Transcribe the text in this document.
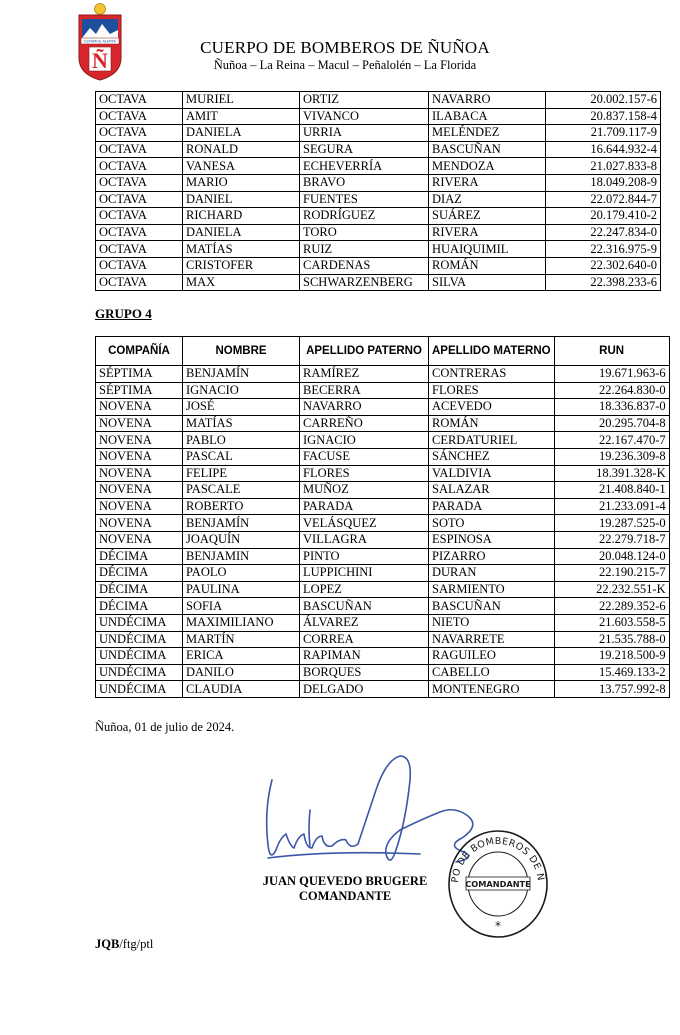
ESTAMOS ALERTA
Ñ
CUERPO DE BOMBEROS DE ÑUÑOA
Ñuñoa – La Reina – Macul – Peñalolén – La Florida
OCTAVA	MURIEL	ORTIZ	NAVARRO	20.002.157-6
OCTAVA	AMIT	VIVANCO	ILABACA	20.837.158-4
OCTAVA	DANIELA	URRIA	MELÉNDEZ	21.709.117-9
OCTAVA	RONALD	SEGURA	BASCUÑAN	16.644.932-4
OCTAVA	VANESA	ECHEVERRÍA	MENDOZA	21.027.833-8
OCTAVA	MARIO	BRAVO	RIVERA	18.049.208-9
OCTAVA	DANIEL	FUENTES	DIAZ	22.072.844-7
OCTAVA	RICHARD	RODRÍGUEZ	SUÁREZ	20.179.410-2
OCTAVA	DANIELA	TORO	RIVERA	22.247.834-0
OCTAVA	MATÍAS	RUIZ	HUAIQUIMIL	22.316.975-9
OCTAVA	CRISTOFER	CARDENAS	ROMÁN	22.302.640-0
OCTAVA	MAX	SCHWARZENBERG	SILVA	22.398.233-6
GRUPO 4
COMPAÑÍA	NOMBRE	APELLIDO PATERNO	APELLIDO MATERNO	RUN
SÉPTIMA	BENJAMÍN	RAMÍREZ	CONTRERAS	19.671.963-6
SÉPTIMA	IGNACIO	BECERRA	FLORES	22.264.830-0
NOVENA	JOSÉ	NAVARRO	ACEVEDO	18.336.837-0
NOVENA	MATÍAS	CARREÑO	ROMÁN	20.295.704-8
NOVENA	PABLO	IGNACIO	CERDATURIEL	22.167.470-7
NOVENA	PASCAL	FACUSE	SÁNCHEZ	19.236.309-8
NOVENA	FELIPE	FLORES	VALDIVIA	18.391.328-K
NOVENA	PASCALE	MUÑOZ	SALAZAR	21.408.840-1
NOVENA	ROBERTO	PARADA	PARADA	21.233.091-4
NOVENA	BENJAMÍN	VELÁSQUEZ	SOTO	19.287.525-0
NOVENA	JOAQUÍN	VILLAGRA	ESPINOSA	22.279.718-7
DÉCIMA	BENJAMIN	PINTO	PIZARRO	20.048.124-0
DÉCIMA	PAOLO	LUPPICHINI	DURAN	22.190.215-7
DÉCIMA	PAULINA	LOPEZ	SARMIENTO	22.232.551-K
DÉCIMA	SOFIA	BASCUÑAN	BASCUÑAN	22.289.352-6
UNDÉCIMA	MAXIMILIANO	ÁLVAREZ	NIETO	21.603.558-5
UNDÉCIMA	MARTÍN	CORREA	NAVARRETE	21.535.788-0
UNDÉCIMA	ERICA	RAPIMAN	RAGUILEO	19.218.500-9
UNDÉCIMA	DANILO	BORQUES	CABELLO	15.469.133-2
UNDÉCIMA	CLAUDIA	DELGADO	MONTENEGRO	13.757.992-8
Ñuñoa, 01 de julio de 2024.
JUAN QUEVEDO BRUGERE
COMANDANTE
PO DE BOMBEROS DE Ñ
COMANDANTE
*
JQB/ftg/ptl
